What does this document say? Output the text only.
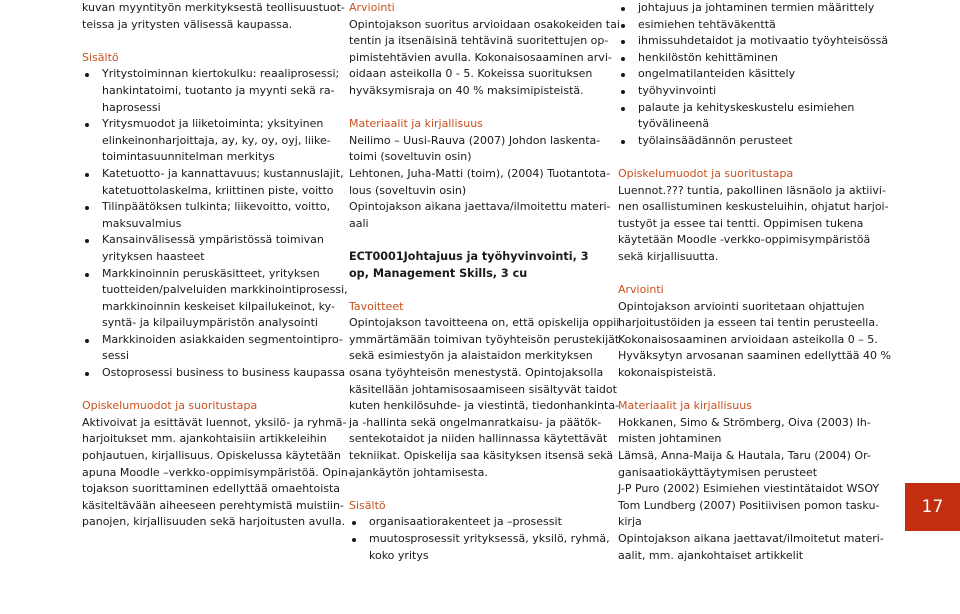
kuvan myyntityön merkityksestä teollisuustuot-
teissa ja yritysten välisessä kaupassa.
Sisältö
Yritystoiminnan kiertokulku: reaaliprosessi;
hankintatoimi, tuotanto ja myynti sekä ra-
haprosessi
Yritysmuodot ja liiketoiminta; yksityinen
elinkeinonharjoittaja, ay, ky, oy, oyj, liike-
toimintasuunnitelman merkitys
Katetuotto- ja kannattavuus; kustannuslajit,
katetuottolaskelma, kriittinen piste, voitto
Tilinpäätöksen tulkinta; liikevoitto, voitto,
maksuvalmius
Kansainvälisessä ympäristössä toimivan
yrityksen haasteet
Markkinoinnin peruskäsitteet, yrityksen
tuotteiden/palveluiden markkinointiprosessi,
markkinoinnin keskeiset kilpailukeinot, ky-
syntä- ja kilpailuympäristön analysointi
Markkinoiden asiakkaiden segmentointipro-
sessi
Ostoprosessi business to business kaupassa
Opiskelumuodot ja suoritustapa
Aktivoivat ja esittävät luennot, yksilö- ja ryhmä-
harjoitukset mm. ajankohtaisiin artikkeleihin
pohjautuen, kirjallisuus. Opiskelussa käytetään
apuna Moodle –verkko-oppimisympäristöä. Opin-
tojakson suorittaminen edellyttää omaehtoista
käsiteltävään aiheeseen perehtymistä muistiin-
panojen, kirjallisuuden sekä harjoitusten avulla.
Arviointi
Opintojakson suoritus arvioidaan osakokeiden tai
tentin ja itsenäisinä tehtävinä suoritettujen op-
pimistehtävien avulla. Kokonaisosaaminen arvi-
oidaan asteikolla 0 - 5. Kokeissa suorituksen
hyväksymisraja on 40 % maksimipisteistä.
Materiaalit ja kirjallisuus
Neilimo – Uusi-Rauva (2007) Johdon laskenta-
toimi (soveltuvin osin)
Lehtonen, Juha-Matti (toim), (2004) Tuotantota-
lous (soveltuvin osin)
Opintojakson aikana jaettava/ilmoitettu materi-
aali
ECT0001 Johtajuus ja työhyvinvointi, 3
op, Management Skills, 3 cu
Tavoitteet
Opintojakson tavoitteena on, että opiskelija oppii
ymmärtämään toimivan työyhteisön perustekijät
sekä esimiestyön ja alaistaidon merkityksen
osana työyhteisön menestystä. Opintojaksolla
käsitellään johtamisosaamiseen sisältyvät taidot
kuten henkilösuhde- ja viestintä, tiedonhankinta-
ja -hallinta sekä ongelmanratkaisu- ja päätök-
sentekotaidot ja niiden hallinnassa käytettävät
tekniikat. Opiskelija saa käsityksen itsensä sekä
ajankäytön johtamisesta.
Sisältö
organisaatiorakenteet ja –prosessit
muutosprosessit yrityksessä, yksilö, ryhmä,
koko yritys
johtajuus ja johtaminen termien määrittely
esimiehen tehtäväkenttä
ihmissuhdetaidot ja motivaatio työyhteisössä
henkilöstön kehittäminen
ongelmatilanteiden käsittely
työhyvinvointi
palaute ja kehityskeskustelu esimiehen
työvälineenä
työlainsäädännön perusteet
Opiskelumuodot ja suoritustapa
Luennot.??? tuntia, pakollinen läsnäolo ja aktiivi-
nen osallistuminen keskusteluihin, ohjatut harjoi-
tustyöt ja essee tai tentti. Oppimisen tukena
käytetään Moodle -verkko-oppimisympäristöä
sekä kirjallisuutta.
Arviointi
Opintojakson arviointi suoritetaan ohjattujen
harjoitustöiden ja esseen tai tentin perusteella.
Kokonaisosaaminen arvioidaan asteikolla 0 – 5.
Hyväksytyn arvosanan saaminen edellyttää 40 %
kokonaispisteistä.
Materiaalit ja kirjallisuus
Hokkanen, Simo & Strömberg, Oiva (2003) Ih-
misten johtaminen
Lämsä, Anna-Maija & Hautala, Taru (2004) Or-
ganisaatiokäyttäytymisen perusteet
J-P Puro (2002) Esimiehen viestintätaidot WSOY
Tom Lundberg (2007) Positiivisen pomon tasku-
kirja
Opintojakson aikana jaettavat/ilmoitetut materi-
aalit, mm. ajankohtaiset artikkelit
17
